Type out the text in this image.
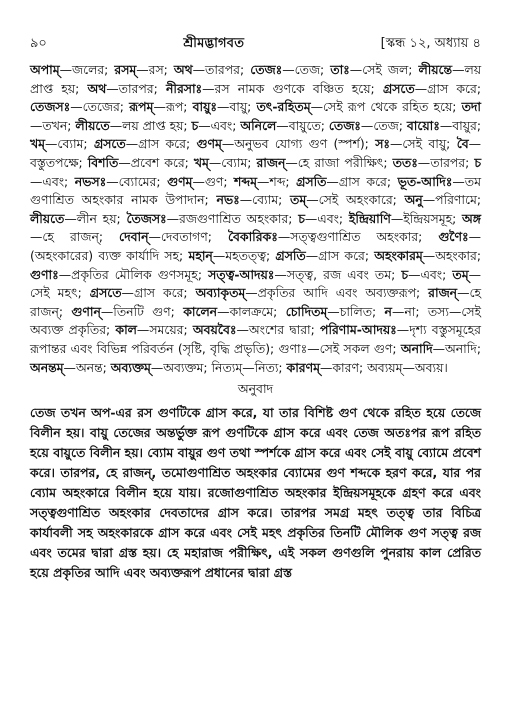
৯০	শ্রীমদ্ভাগবত	[স্কন্ধ ১২, অধ্যায় ৪
অপাম্—জলের; রসম্—রস; অথ—তারপর; তেজঃ—তেজ; তাঃ—সেই জল; লীয়ন্তে—লয় প্রাপ্ত হয়; অথ—তারপর; নীরসাঃ—রস নামক গুণকে বঞ্চিত হয়ে; গ্রসতে—গ্রাস করে; তেজসঃ—তেজের; রূপম্—রূপ; বায়ুঃ—বায়ু; তৎ-রহিতম্—সেই রূপ থেকে রহিত হয়ে; তদা—তখন; লীয়তে—লয় প্রাপ্ত হয়; চ—এবং; অনিলে—বায়ুতে; তেজঃ—তেজ; বায়োঃ—বায়ুর; খম্—ব্যোম; গ্রসতে—গ্রাস করে; গুণম্—অনুভব যোগ্য গুণ (স্পর্শ); সঃ—সেই বায়ু; বৈ—বস্তুতপক্ষে; বিশতি—প্রবেশ করে; খম্—ব্যোম; রাজন্—হে রাজা পরীক্ষিৎ; ততঃ—তারপর; চ—এবং; নভসঃ—ব্যোমের; গুণম্—গুণ; শব্দম্—শব্দ; গ্রসতি—গ্রাস করে; ভূত-আদিঃ—তম গুণাশ্রিত অহংকার নামক উপাদান; নভঃ—ব্যোম; তম্—সেই অহংকারে; অনু—পরিণামে; লীয়তে—লীন হয়; তৈজসঃ—রজগুণাশ্রিত অহংকার; চ—এবং; ইন্দ্রিয়াণি—ইন্দ্রিয়সমূহ; অঙ্গ—হে রাজন্; দেবান্—দেবতাগণ; বৈকারিকঃ—সত্ত্বগুণাশ্রিত অহংকার; গুণৈঃ—(অহংকারের) ব্যক্ত কার্যাদি সহ; মহান্—মহতত্ত্ব; গ্রসতি—গ্রাস করে; অহংকারম্—অহংকার; গুণাঃ—প্রকৃতির মৌলিক গুণসমূহ; সত্ত্ব-আদয়ঃ—সত্ত্ব, রজ এবং তম; চ—এবং; তম্—সেই মহৎ; গ্রসতে—গ্রাস করে; অব্যাকৃতম্—প্রকৃতির আদি এবং অব্যক্তরূপ; রাজন্—হে রাজন্; গুণান্—তিনটি গুণ; কালেন—কালক্রমে; চোদিতম্—চালিত; ন—না; তস্য—সেই অব্যক্ত প্রকৃতির; কাল—সময়ের; অবয়বৈঃ—অংশের দ্বারা; পরিণাম-আদয়ঃ—দৃশ্য বস্তুসমূহের রূপান্তর এবং বিভিন্ন পরিবর্তন (সৃষ্টি, বৃদ্ধি প্রভৃতি); গুণাঃ—সেই সকল গুণ; অনাদি—অনাদি; অনন্তম্—অনন্ত; অব্যক্তম্—অব্যক্তম; নিত্যম্—নিত্য; কারণম্—কারণ; অব্যয়ম্—অব্যয়।
অনুবাদ

তেজ তখন অপ-এর রস গুণটিকে গ্রাস করে, যা তার বিশিষ্ট গুণ থেকে রহিত হয়ে তেজে বিলীন হয়। বায়ু তেজের অন্তর্ভুক্ত রূপ গুণটিকে গ্রাস করে এবং তেজ অতঃপর রূপ রহিত হয়ে বায়ুতে বিলীন হয়। ব্যোম বায়ুর গুণ তথা স্পর্শকে গ্রাস করে এবং সেই বায়ু ব্যোমে প্রবেশ করে। তারপর, হে রাজন্, তমোগুণাশ্রিত অহংকার ব্যোমের গুণ শব্দকে হরণ করে, যার পর ব্যোম অহংকারে বিলীন হয়ে যায়। রজোগুণাশ্রিত অহংকার ইন্দ্রিয়সমূহকে গ্রহণ করে এবং সত্ত্বগুণাশ্রিত অহংকার দেবতাদের গ্রাস করে। তারপর সমগ্র মহৎ তত্ত্ব তার বিচিত্র কার্যাবলী সহ অহংকারকে গ্রাস করে এবং সেই মহৎ প্রকৃতির তিনটি মৌলিক গুণ সত্ত্ব রজ এবং তমের দ্বারা গ্রস্ত হয়। হে মহারাজ পরীক্ষিৎ, এই সকল গুণগুলি পুনরায় কাল প্রেরিত হয়ে প্রকৃতির আদি এবং অব্যক্তরূপ প্রধানের দ্বারা গ্রস্ত
